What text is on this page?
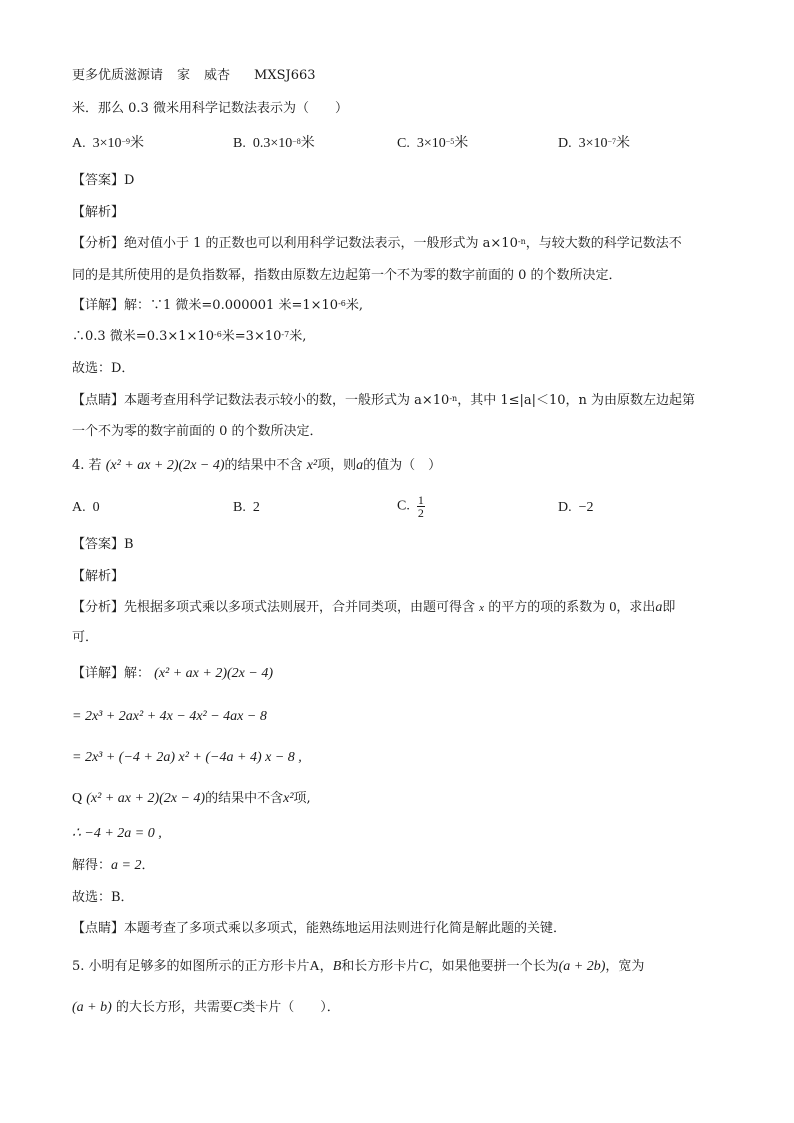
更多优质滋源请 家 威杏 MXSJ663
米．那么 0.3 微米用科学记数法表示为（　　）
A. $3\times 10^{-9}$米	B. $0.3\times 10^{-8}$米	C. $3\times 10^{-5}$米	D. $3\times 10^{-7}$米
【答案】D
【解析】
【分析】绝对值小于 1 的正数也可以利用科学记数法表示，一般形式为 $a\times 10^{-n}$，与较大数的科学记数法不
同的是其所使用的是负指数幂，指数由原数左边起第一个不为零的数字前面的 0 的个数所决定．
【详解】解：∵1 微米=0.000001 米$=1\times 10^{-6}$米,
∴0.3 微米$=0.3\times 1\times 10^{-6}$米$=3\times 10^{-7}$米,
故选：D．
【点睛】本题考查用科学记数法表示较小的数，一般形式为 $a\times 10^{-n}$，其中 1≤|a|＜10，n 为由原数左边起第
一个不为零的数字前面的 0 的个数所决定．
4. 若 (x² + ax + 2)(2x − 4)的结果中不含 x²项，则a的值为（　）
A. 0	B. 2	C. $\frac{1}{2}$	D. −2
【答案】B
【解析】
【分析】先根据多项式乘以多项式法则展开，合并同类项，由题可得含 $^x$ 的平方的项的系数为 0，求出a即
可．
【详解】解： (x² + ax + 2)(2x − 4)
= 2x³ + 2ax² + 4x − 4x² − 4ax − 8
= 2x³ + (−4 + 2a) x² + (−4a + 4) x − 8 ,
Q (x² + ax + 2)(2x − 4)的结果中不含x²项,
∴ −4 + 2a = 0 ,
解得：a = 2．
故选：B．
【点睛】本题考查了多项式乘以多项式，能熟练地运用法则进行化简是解此题的关键．
5. 小明有足够多的如图所示的正方形卡片A，B和长方形卡片C，如果他要拼一个长为(a + 2b)，宽为
(a + b) 的大长方形，共需要C类卡片（　　）．
